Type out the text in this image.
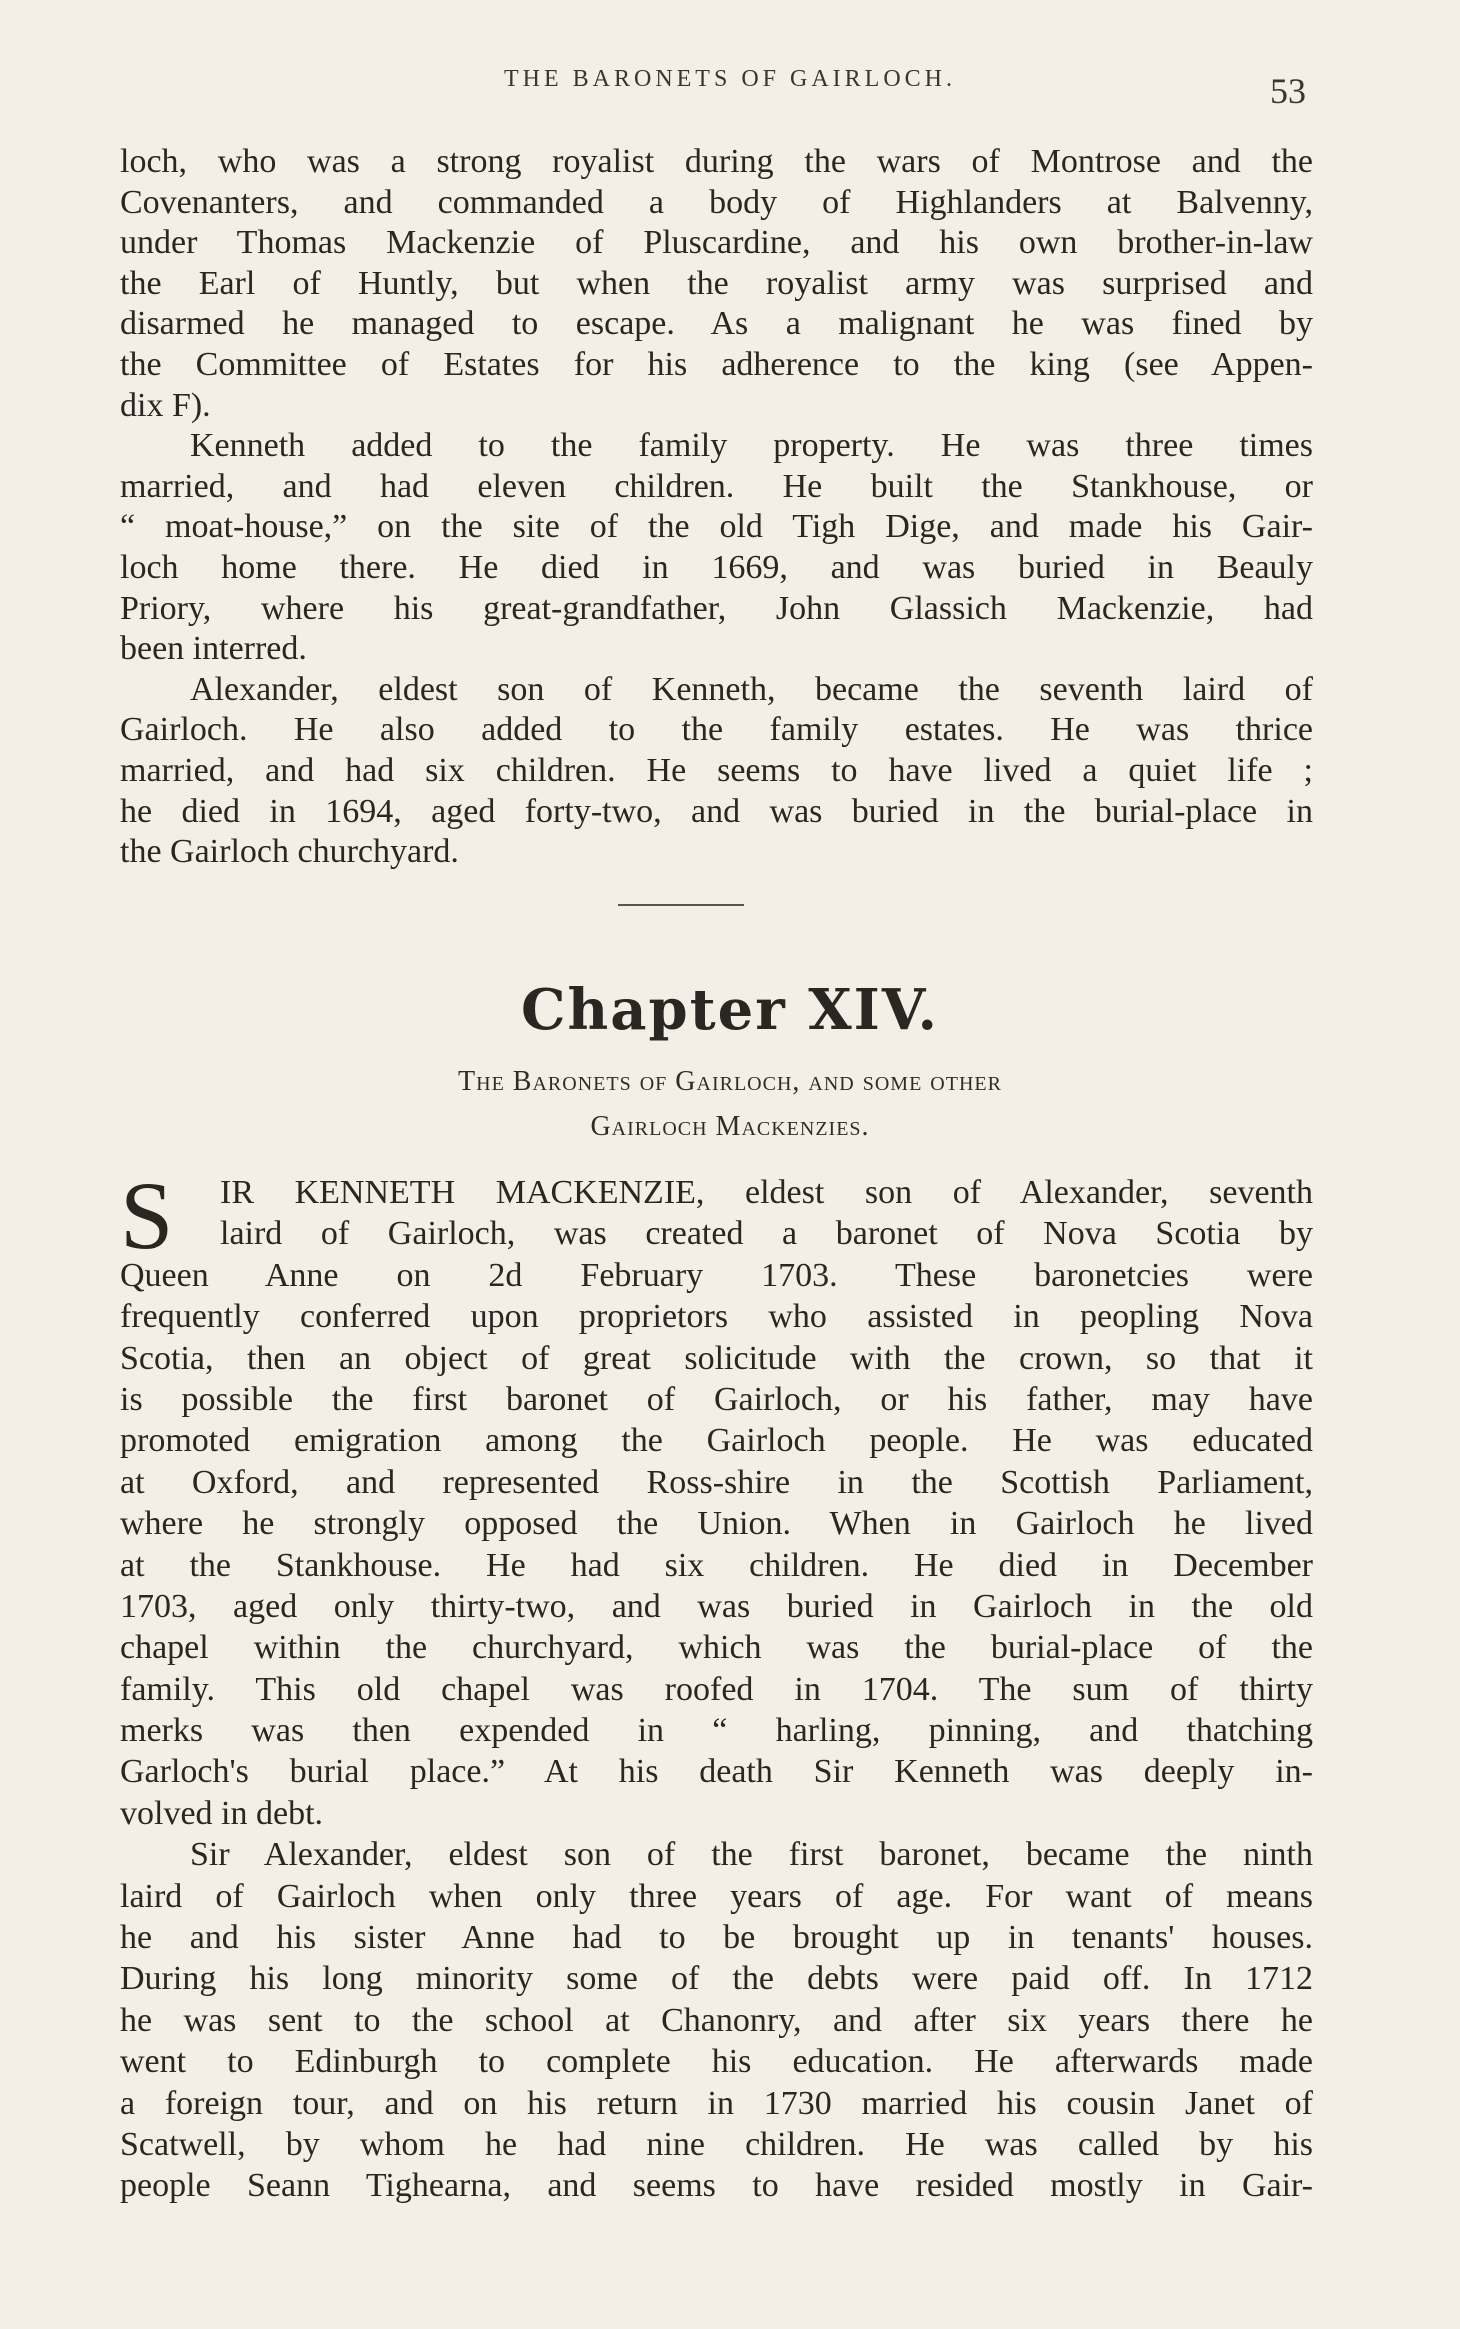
THE BARONETS OF GAIRLOCH.	53
loch, who was a strong royalist during the wars of Montrose and the
Covenanters, and commanded a body of Highlanders at Balvenny,
under Thomas Mackenzie of Pluscardine, and his own brother-in-law
the Earl of Huntly, but when the royalist army was surprised and
disarmed he managed to escape. As a malignant he was fined by
the Committee of Estates for his adherence to the king (see Appen-
dix F).
Kenneth added to the family property. He was three times
married, and had eleven children. He built the Stankhouse, or
“ moat-house,” on the site of the old Tigh Dige, and made his Gair-
loch home there. He died in 1669, and was buried in Beauly
Priory, where his great-grandfather, John Glassich Mackenzie, had
been interred.
Alexander, eldest son of Kenneth, became the seventh laird of
Gairloch. He also added to the family estates. He was thrice
married, and had six children. He seems to have lived a quiet life ;
he died in 1694, aged forty-two, and was buried in the burial-place in
the Gairloch churchyard.
Chapter XIV.
The Baronets of Gairloch, and some other
Gairloch Mackenzies.
S	IR KENNETH MACKENZIE, eldest son of Alexander, seventh
laird of Gairloch, was created a baronet of Nova Scotia by
Queen Anne on 2d February 1703. These baronetcies were
frequently conferred upon proprietors who assisted in peopling Nova
Scotia, then an object of great solicitude with the crown, so that it
is possible the first baronet of Gairloch, or his father, may have
promoted emigration among the Gairloch people. He was educated
at Oxford, and represented Ross-shire in the Scottish Parliament,
where he strongly opposed the Union. When in Gairloch he lived
at the Stankhouse. He had six children. He died in December
1703, aged only thirty-two, and was buried in Gairloch in the old
chapel within the churchyard, which was the burial-place of the
family. This old chapel was roofed in 1704. The sum of thirty
merks was then expended in “ harling, pinning, and thatching
Garloch's burial place.” At his death Sir Kenneth was deeply in-
volved in debt.
Sir Alexander, eldest son of the first baronet, became the ninth
laird of Gairloch when only three years of age. For want of means
he and his sister Anne had to be brought up in tenants' houses.
During his long minority some of the debts were paid off. In 1712
he was sent to the school at Chanonry, and after six years there he
went to Edinburgh to complete his education. He afterwards made
a foreign tour, and on his return in 1730 married his cousin Janet of
Scatwell, by whom he had nine children. He was called by his
people Seann Tighearna, and seems to have resided mostly in Gair-
